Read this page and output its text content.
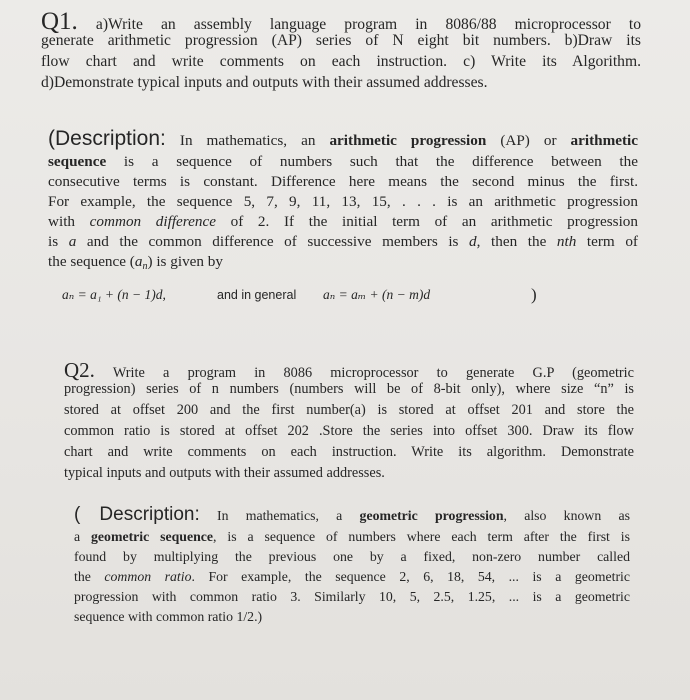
Q1. a)Write an assembly language program in 8086/88 microprocessor to
generate arithmetic progression (AP) series of N eight bit numbers. b)Draw its
flow chart and write comments on each instruction. c) Write its Algorithm.
d)Demonstrate typical inputs and outputs with their assumed addresses.
(Description: In mathematics, an arithmetic progression (AP) or arithmetic
sequence is a sequence of numbers such that the difference between the
consecutive terms is constant. Difference here means the second minus the first.
For example, the sequence 5, 7, 9, 11, 13, 15, . . . is an arithmetic progression
with common difference of 2. If the initial term of an arithmetic progression
is a and the common difference of successive members is d, then the nth term of
the sequence $(a_n)$ is given by
aₙ = a₁ + (n − 1)d,	and in general aₙ = aₘ + (n − m)d	)
Q2. Write a program in 8086 microprocessor to generate G.P (geometric
progression) series of n numbers (numbers will be of 8-bit only), where size “n” is
stored at offset 200 and the first number(a) is stored at offset 201 and store the
common ratio is stored at offset 202 .Store the series into offset 300. Draw its flow
chart and write comments on each instruction. Write its algorithm. Demonstrate
typical inputs and outputs with their assumed addresses.
( Description: In mathematics, a geometric progression, also known as
a geometric sequence, is a sequence of numbers where each term after the first is
found by multiplying the previous one by a fixed, non-zero number called
the common ratio. For example, the sequence 2, 6, 18, 54, ... is a geometric
progression with common ratio 3. Similarly 10, 5, 2.5, 1.25, ... is a geometric
sequence with common ratio 1/2.)
